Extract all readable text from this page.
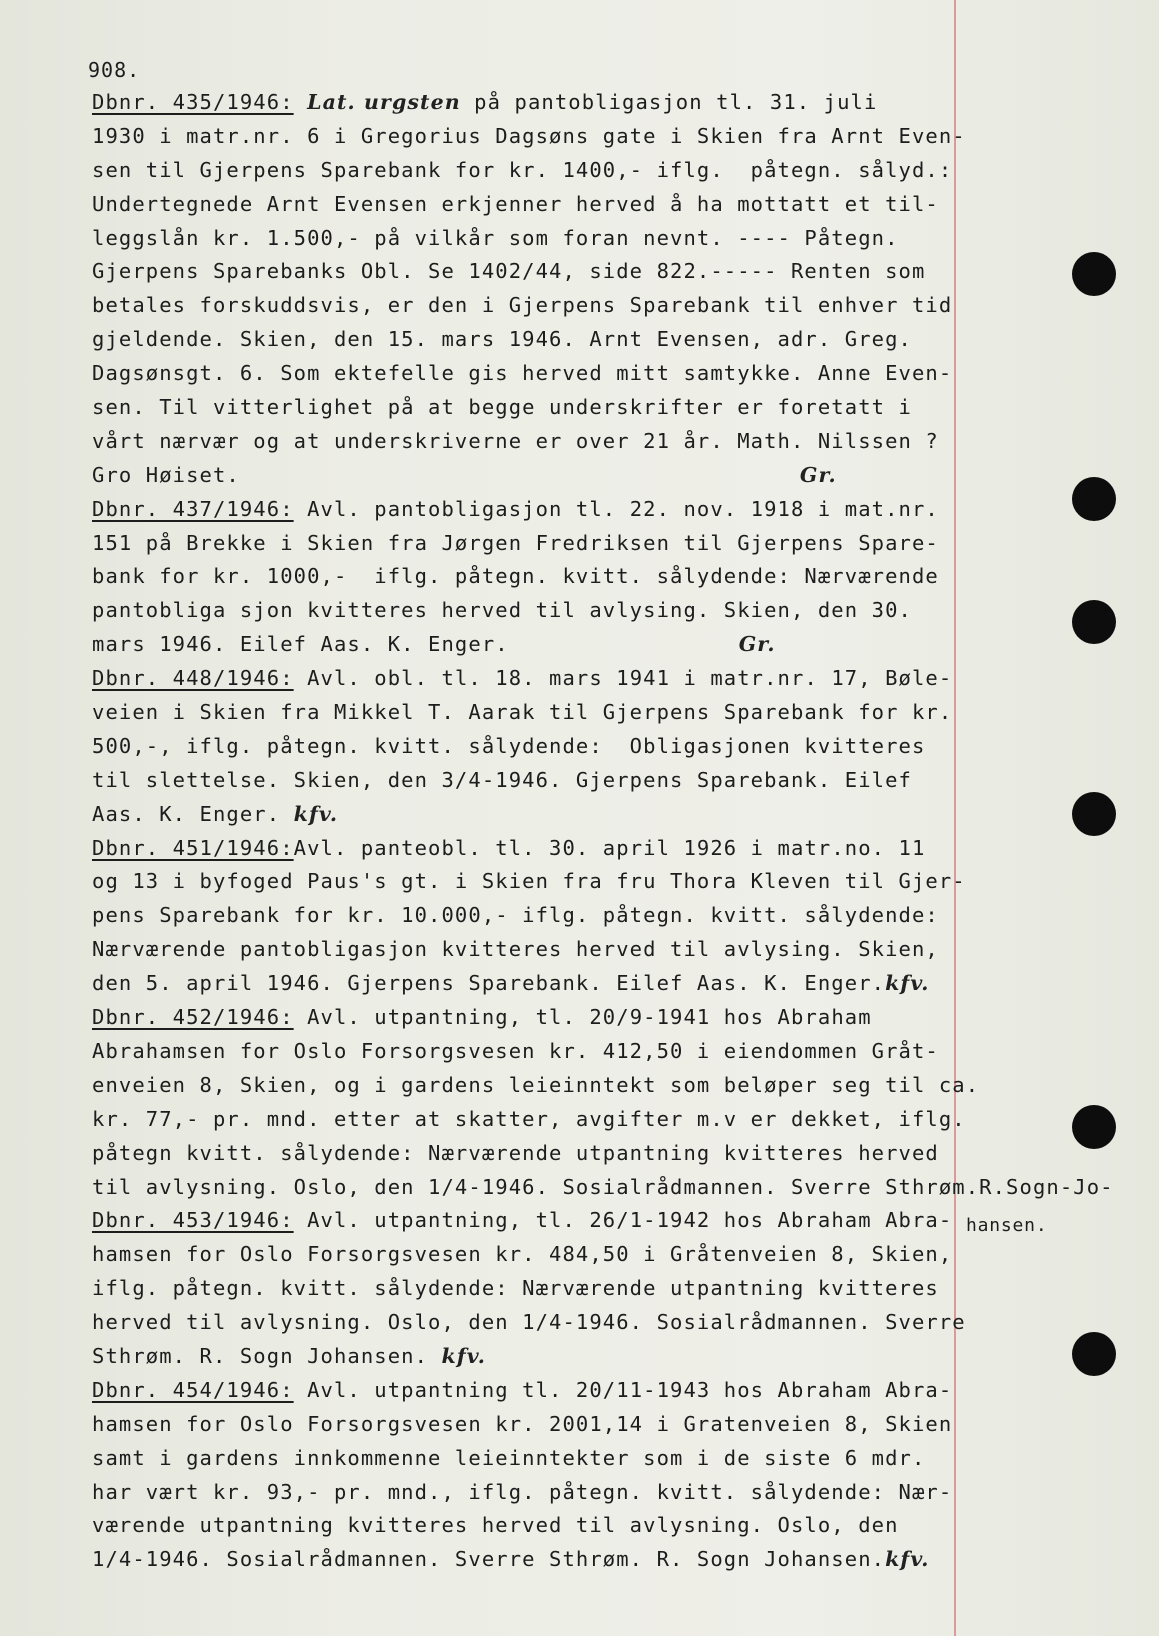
908.
Dbnr. 435/1946: Lat. urgsten på pantobligasjon tl. 31. juli
1930 i matr.nr. 6 i Gregorius Dagsøns gate i Skien fra Arnt Even-
sen til Gjerpens Sparebank for kr. 1400,- iflg.  påtegn. sålyd.:
Undertegnede Arnt Evensen erkjenner herved å ha mottatt et til-
leggslån kr. 1.500,- på vilkår som foran nevnt. ---- Påtegn.
Gjerpens Sparebanks Obl. Se 1402/44, side 822.----- Renten som
betales forskuddsvis, er den i Gjerpens Sparebank til enhver tid
gjeldende. Skien, den 15. mars 1946. Arnt Evensen, adr. Greg.
Dagsønsgt. 6. Som ektefelle gis herved mitt samtykke. Anne Even-
sen. Til vitterlighet på at begge underskrifter er foretatt i
vårt nærvær og at underskriverne er over 21 år. Math. Nilssen ?
Gro Høiset.	Gr.
Dbnr. 437/1946: Avl. pantobligasjon tl. 22. nov. 1918 i mat.nr.
151 på Brekke i Skien fra Jørgen Fredriksen til Gjerpens Spare-
bank for kr. 1000,-  iflg. påtegn. kvitt. sålydende: Nærværende
pantobliga sjon kvitteres herved til avlysing. Skien, den 30.
mars 1946. Eilef Aas. K. Enger.	Gr.
Dbnr. 448/1946: Avl. obl. tl. 18. mars 1941 i matr.nr. 17, Bøle-
veien i Skien fra Mikkel T. Aarak til Gjerpens Sparebank for kr.
500,-, iflg. påtegn. kvitt. sålydende:  Obligasjonen kvitteres
til slettelse. Skien, den 3/4-1946. Gjerpens Sparebank. Eilef
Aas. K. Enger. kfv.
Dbnr. 451/1946:Avl. panteobl. tl. 30. april 1926 i matr.no. 11
og 13 i byfoged Paus's gt. i Skien fra fru Thora Kleven til Gjer-
pens Sparebank for kr. 10.000,- iflg. påtegn. kvitt. sålydende:
Nærværende pantobligasjon kvitteres herved til avlysing. Skien,
den 5. april 1946. Gjerpens Sparebank. Eilef Aas. K. Enger.kfv.
Dbnr. 452/1946: Avl. utpantning, tl. 20/9-1941 hos Abraham
Abrahamsen for Oslo Forsorgsvesen kr. 412,50 i eiendommen Gråt-
enveien 8, Skien, og i gardens leieinntekt som beløper seg til ca.
kr. 77,- pr. mnd. etter at skatter, avgifter m.v er dekket, iflg.
påtegn kvitt. sålydende: Nærværende utpantning kvitteres herved
til avlysning. Oslo, den 1/4-1946. Sosialrådmannen. Sverre Sthrøm.R.Sogn-Jo-
Dbnr. 453/1946: Avl. utpantning, tl. 26/1-1942 hos Abraham Abra-
hamsen for Oslo Forsorgsvesen kr. 484,50 i Gråtenveien 8, Skien,
iflg. påtegn. kvitt. sålydende: Nærværende utpantning kvitteres
herved til avlysning. Oslo, den 1/4-1946. Sosialrådmannen. Sverre
Sthrøm. R. Sogn Johansen. kfv.
Dbnr. 454/1946: Avl. utpantning tl. 20/11-1943 hos Abraham Abra-
hamsen for Oslo Forsorgsvesen kr. 2001,14 i Gratenveien 8, Skien
samt i gardens innkommenne leieinntekter som i de siste 6 mdr.
har vært kr. 93,- pr. mnd., iflg. påtegn. kvitt. sålydende: Nær-
værende utpantning kvitteres herved til avlysning. Oslo, den
1/4-1946. Sosialrådmannen. Sverre Sthrøm. R. Sogn Johansen.kfv.
hansen.
